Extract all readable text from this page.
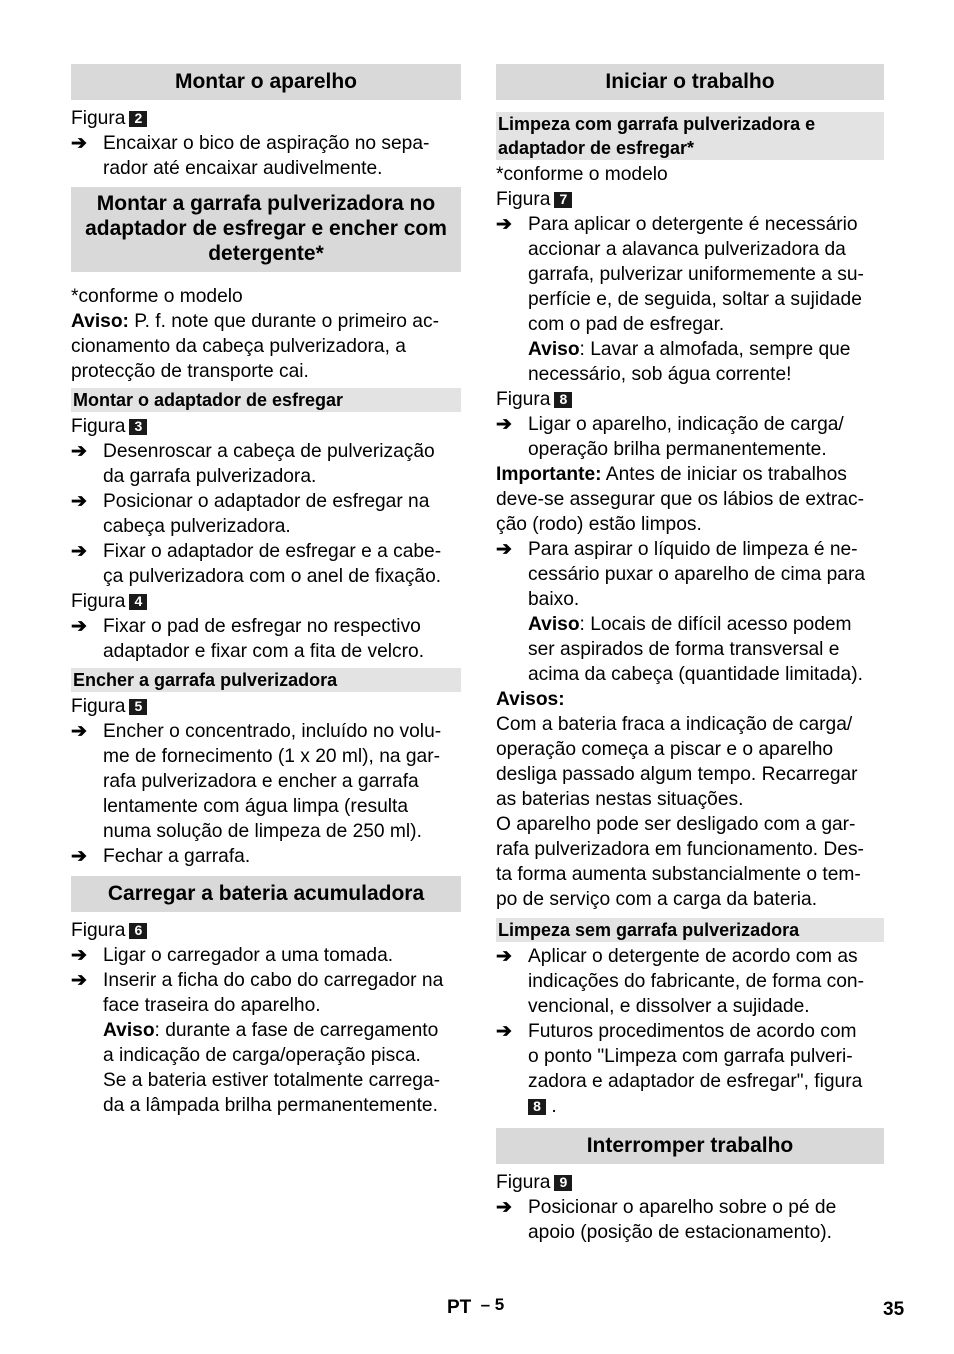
Montar o aparelho

Figura 2

➔ Encaixar o bico de aspiração no sepa-
rador até encaixar audivelmente.
Montar a garrafa pulverizadora no
adaptador de esfregar e encher com
detergente*

*conforme o modelo

Aviso: P. f. note que durante o primeiro ac-

cionamento da cabeça pulverizadora, a

protecção de transporte cai.

Montar o adaptador de esfregar

Figura 3

➔ Desenroscar a cabeça de pulverização
da garrafa pulverizadora.
➔ Posicionar o adaptador de esfregar na
cabeça pulverizadora.
➔ Fixar o adaptador de esfregar e a cabe-
ça pulverizadora com o anel de fixação.

Figura 4

➔ Fixar o pad de esfregar no respectivo
adaptador e fixar com a fita de velcro.
Encher a garrafa pulverizadora

Figura 5

➔ Encher o concentrado, incluído no volu-
me de fornecimento (1 x 20 ml), na gar-
rafa pulverizadora e encher a garrafa
lentamente com água limpa (resulta
numa solução de limpeza de 250 ml).
➔ Fechar a garrafa.
Carregar a bateria acumuladora

Figura 6

➔ Ligar o carregador a uma tomada.
➔ Inserir a ficha do cabo do carregador na
face traseira do aparelho.
Aviso: durante a fase de carregamento
a indicação de carga/operação pisca.
Se a bateria estiver totalmente carrega-
da a lâmpada brilha permanentemente.
Iniciar o trabalho
Limpeza com garrafa pulverizadora e
adaptador de esfregar*

*conforme o modelo

Figura 7

➔ Para aplicar o detergente é necessário
accionar a alavanca pulverizadora da
garrafa, pulverizar uniformemente a su-
perfície e, de seguida, soltar a sujidade
com o pad de esfregar.
Aviso: Lavar a almofada, sempre que
necessário, sob água corrente!

Figura 8

➔ Ligar o aparelho, indicação de carga/
operação brilha permanentemente.

Importante: Antes de iniciar os trabalhos

deve-se assegurar que os lábios de extrac-

ção (rodo) estão limpos.

➔ Para aspirar o líquido de limpeza é ne-
cessário puxar o aparelho de cima para
baixo.
Aviso: Locais de difícil acesso podem
ser aspirados de forma transversal e
acima da cabeça (quantidade limitada).

Avisos:

Com a bateria fraca a indicação de carga/

operação começa a piscar e o aparelho

desliga passado algum tempo. Recarregar

as baterias nestas situações.

O aparelho pode ser desligado com a gar-

rafa pulverizadora em funcionamento. Des-

ta forma aumenta substancialmente o tem-

po de serviço com a carga da bateria.

Limpeza sem garrafa pulverizadora
➔ Aplicar o detergente de acordo com as
indicações do fabricante, de forma con-
vencional, e dissolver a sujidade.
➔ Futuros procedimentos de acordo com
o ponto "Limpeza com garrafa pulveri-
zadora e adaptador de esfregar", figura
8 .
Interromper trabalho

Figura 9

➔ Posicionar o aparelho sobre o pé de
apoio (posição de estacionamento).
PT – 5	35
